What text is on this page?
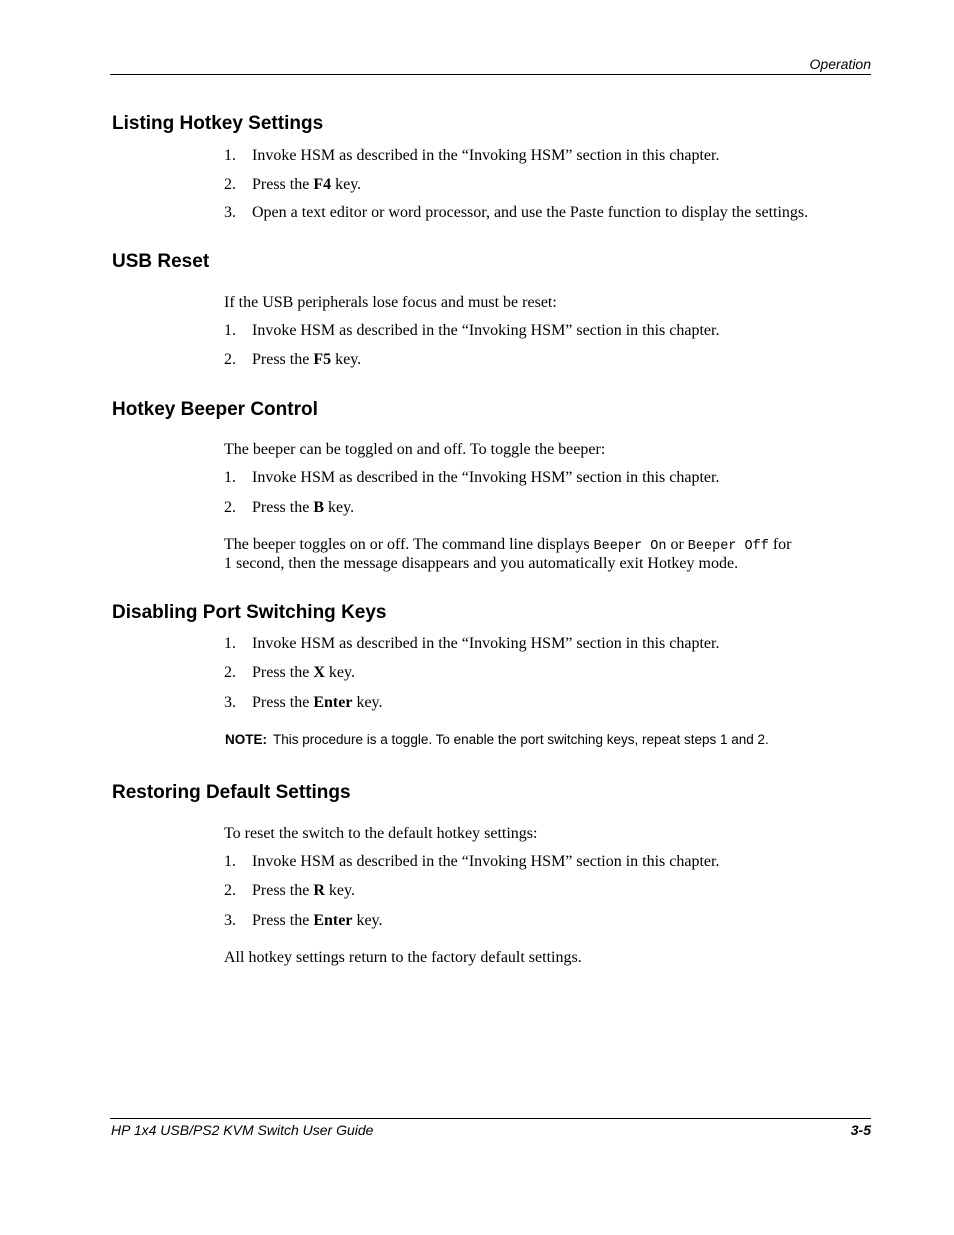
Operation
Listing Hotkey Settings
1. Invoke HSM as described in the “Invoking HSM” section in this chapter.
2. Press the F4 key.
3. Open a text editor or word processor, and use the Paste function to display the settings.
USB Reset

If the USB peripherals lose focus and must be reset:

1. Invoke HSM as described in the “Invoking HSM” section in this chapter.
2. Press the F5 key.
Hotkey Beeper Control

The beeper can be toggled on and off. To toggle the beeper:

1. Invoke HSM as described in the “Invoking HSM” section in this chapter.
2. Press the B key.

The beeper toggles on or off. The command line displays Beeper On or Beeper Off for

1 second, then the message disappears and you automatically exit Hotkey mode.

Disabling Port Switching Keys
1. Invoke HSM as described in the “Invoking HSM” section in this chapter.
2. Press the X key.
3. Press the Enter key.
NOTE: This procedure is a toggle. To enable the port switching keys, repeat steps 1 and 2.
Restoring Default Settings

To reset the switch to the default hotkey settings:

1. Invoke HSM as described in the “Invoking HSM” section in this chapter.
2. Press the R key.
3. Press the Enter key.

All hotkey settings return to the factory default settings.

HP 1x4 USB/PS2 KVM Switch User Guide	3-5
